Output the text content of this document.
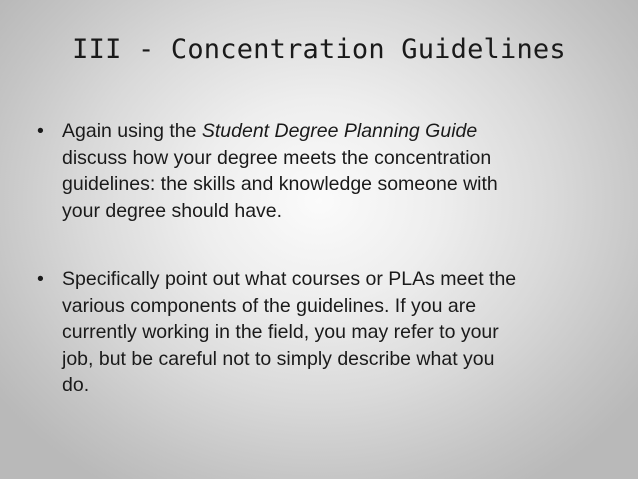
III - Concentration Guidelines
• Again using the Student Degree Planning Guide
discuss how your degree meets the concentration
guidelines: the skills and knowledge someone with
your degree should have.
• Specifically point out what courses or PLAs meet the
various components of the guidelines. If you are
currently working in the field, you may refer to your
job, but be careful not to simply describe what you
do.
